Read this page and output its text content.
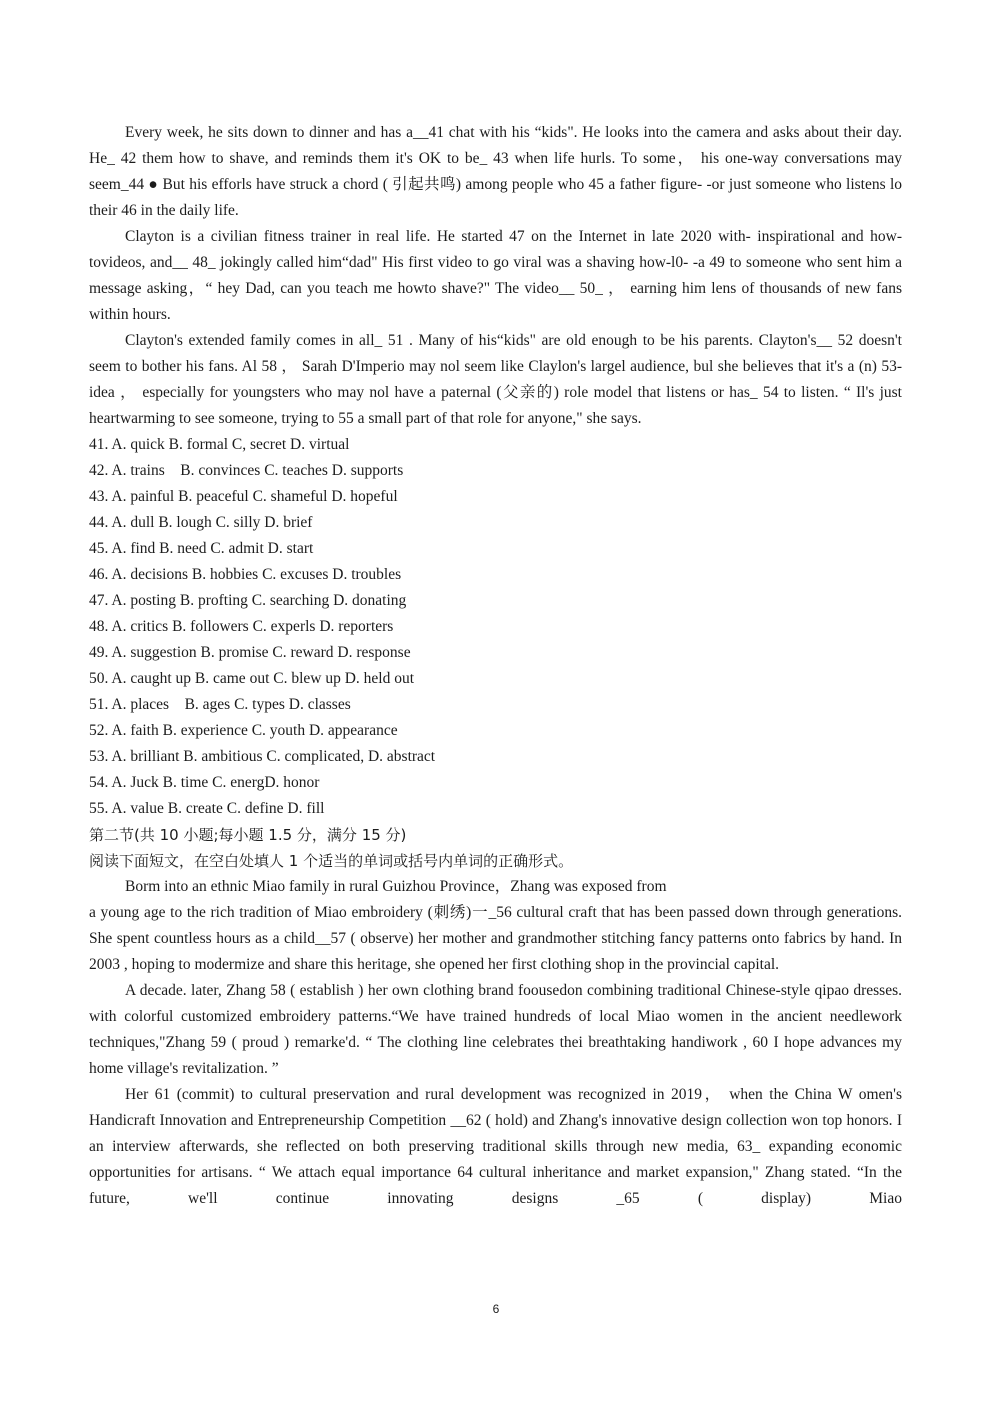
Every week, he sits down to dinner and has a__41 chat with his “kids". He looks into the camera and asks about their day. He_ 42 them how to shave, and reminds them it's OK to be_ 43 when life hurls. To some， his one-way conversations may seem_44 ● But his efforls have struck a chord ( 引起共鸣) among people who 45 a father figure- -or just someone who listens lo their 46 in the daily life.

Clayton is a civilian fitness trainer in real life. He started 47 on the Internet in late 2020 with- inspirational and how-tovideos, and__ 48_ jokingly called him“dad" His first video to go viral was a shaving how-l0- -a 49 to someone who sent him a message asking，“ hey Dad, can you teach me howto shave?" The video__ 50_ ， earning him lens of thousands of new fans within hours.

Clayton's extended family comes in all_ 51 . Many of his“kids" are old enough to be his parents. Clayton's__ 52 doesn't seem to bother his fans. Al 58 ， Sarah D'Imperio may nol seem like Claylon's largel audience, bul she believes that it's a (n) 53- idea ， especially for youngsters who may nol have a paternal (父亲的) role model that listens or has_ 54 to listen. “ Il's just heartwarming to see someone, trying to 55 a small part of that role for anyone," she says.

41. A. quick B. formal C, secret D. virtual

42. A. trains    B. convinces C. teaches D. supports

43. A. painful B. peaceful C. shameful D. hopeful

44. A. dull B. lough C. silly D. brief

45. A. find B. need C. admit D. start

46. A. decisions B. hobbies C. excuses D. troubles

47. A. posting B. profting C. searching D. donating

48. A. critics B. followers C. experls D. reporters

49. A. suggestion B. promise C. reward D. response

50. A. caught up B. came out C. blew up D. held out

51. A. places    B. ages C. types D. classes

52. A. faith B. experience C. youth D. appearance

53. A. brilliant B. ambitious C. complicated, D. abstract

54. A. Juck B. time C. energD. honor

55. A. value B. create C. define D. fill

第二节(共 10 小题;每小题 1.5 分，满分 15 分)

阅读下面短文，在空白处填人 1 个适当的单词或括号内单词的正确形式。

Borm into an ethnic Miao family in rural Guizhou Province，Zhang was exposed from

a young age to the rich tradition of Miao embroidery (刺绣)一_56 cultural craft that has been passed down through generations. She spent countless hours as a child__57 ( observe) her mother and grandmother stitching fancy patterns onto fabrics by hand. In 2003 , hoping to modermize and share this heritage, she opened her first clothing shop in the provincial capital.

A decade. later, Zhang 58 ( establish ) her own clothing brand foousedon combining traditional Chinese-style qipao dresses. with colorful customized embroidery patterns.“We have trained hundreds of local Miao women in the ancient needlework techniques,"Zhang 59 ( proud ) remarke'd. “ The clothing line celebrates thei breathtaking handiwork , 60 I hope advances my home village's revitalization. ”

Her 61 (commit) to cultural preservation and rural development was recognized in 2019， when the China W omen's Handicraft Innovation and Entrepreneurship Competition __62 ( hold) and Zhang's innovative design collection won top honors. I an interview afterwards, she reflected on both preserving traditional skills through new media, 63_ expanding economic opportunities for artisans. “ We attach equal importance 64 cultural inheritance and market expansion," Zhang stated. “In the future, we'll continue innovating designs _65 ( display) Miao

6
